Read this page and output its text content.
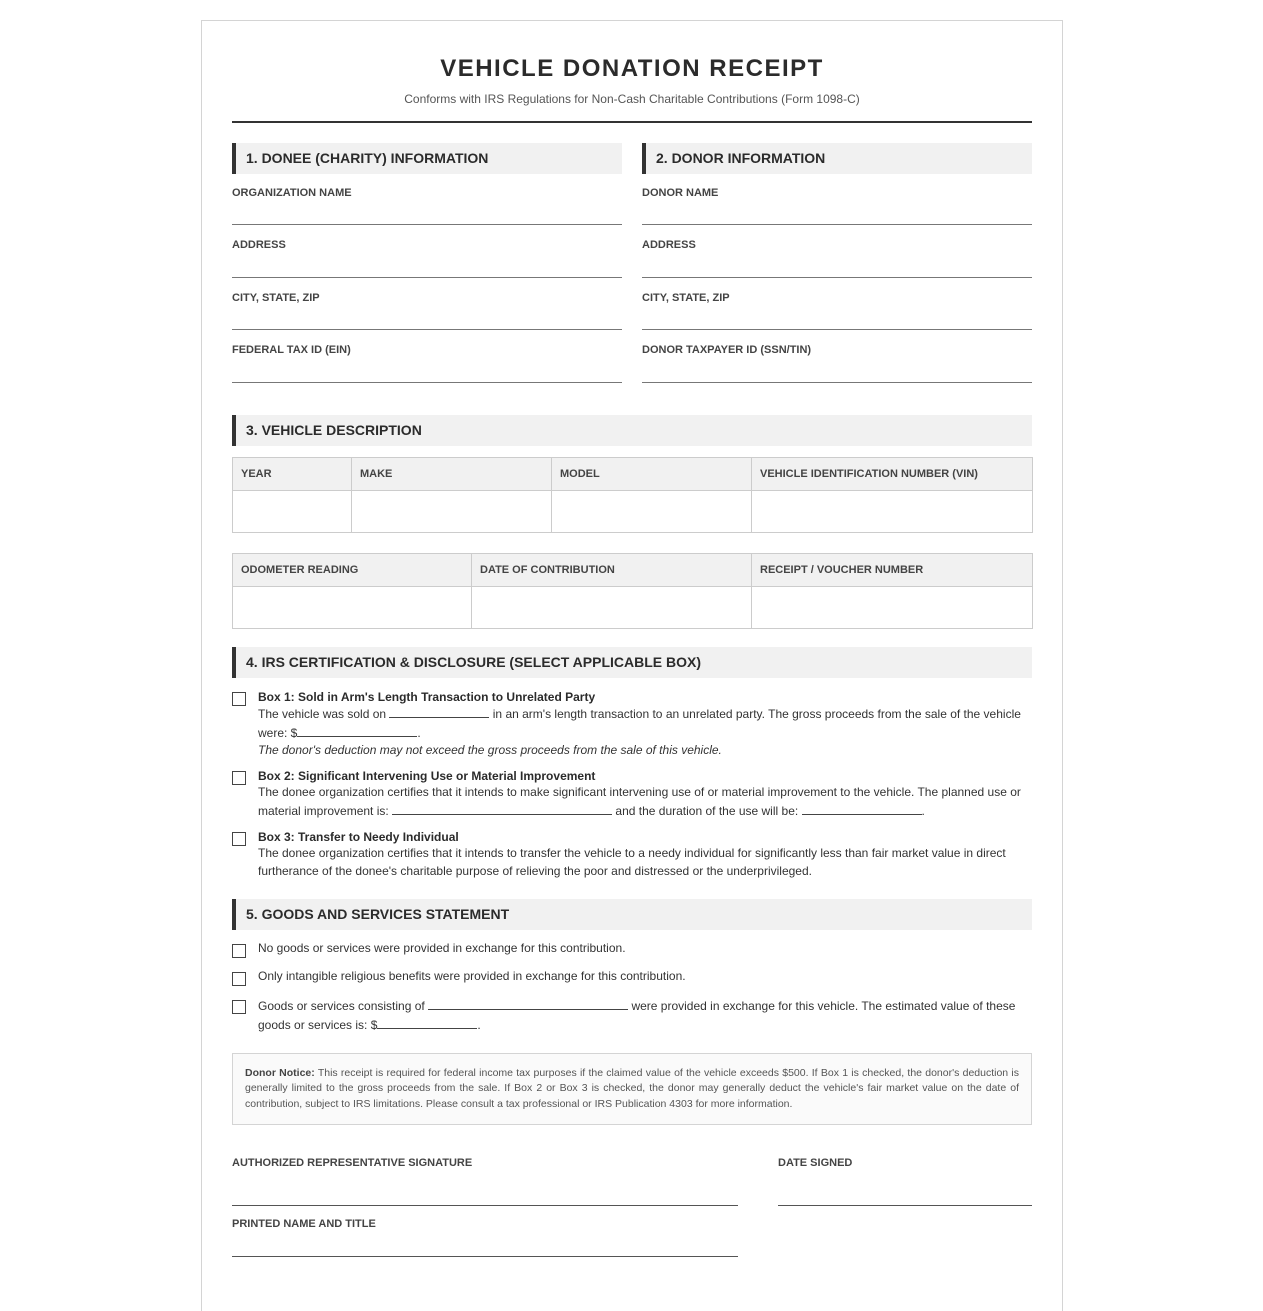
VEHICLE DONATION RECEIPT
Conforms with IRS Regulations for Non-Cash Charitable Contributions (Form 1098-C)
1. DONEE (CHARITY) INFORMATION
ORGANIZATION NAME
ADDRESS
CITY, STATE, ZIP
FEDERAL TAX ID (EIN)
2. DONOR INFORMATION
DONOR NAME
ADDRESS
CITY, STATE, ZIP
DONOR TAXPAYER ID (SSN/TIN)
3. VEHICLE DESCRIPTION
YEAR	MAKE	MODEL	VEHICLE IDENTIFICATION NUMBER (VIN)

ODOMETER READING	DATE OF CONTRIBUTION	RECEIPT / VOUCHER NUMBER

4. IRS CERTIFICATION & DISCLOSURE (SELECT APPLICABLE BOX)
Box 1: Sold in Arm's Length Transaction to Unrelated Party
The vehicle was sold on	in an arm's length transaction to an unrelated party. The gross proceeds from the sale of the vehicle
were: $	.
The donor's deduction may not exceed the gross proceeds from the sale of this vehicle.
Box 2: Significant Intervening Use or Material Improvement
The donee organization certifies that it intends to make significant intervening use of or material improvement to the vehicle. The planned use or
material improvement is:	and the duration of the use will be:	.
Box 3: Transfer to Needy Individual
The donee organization certifies that it intends to transfer the vehicle to a needy individual for significantly less than fair market value in direct
furtherance of the donee's charitable purpose of relieving the poor and distressed or the underprivileged.
5. GOODS AND SERVICES STATEMENT
No goods or services were provided in exchange for this contribution.
Only intangible religious benefits were provided in exchange for this contribution.
Goods or services consisting of	were provided in exchange for this vehicle. The estimated value of these
goods or services is: $	.
Donor Notice: This receipt is required for federal income tax purposes if the claimed value of the vehicle exceeds $500. If Box 1 is checked, the donor's deduction is generally limited to the gross proceeds from the sale. If Box 2 or Box 3 is checked, the donor may generally deduct the vehicle's fair market value on the date of contribution, subject to IRS limitations. Please consult a tax professional or IRS Publication 4303 for more information.
AUTHORIZED REPRESENTATIVE SIGNATURE	DATE SIGNED
PRINTED NAME AND TITLE
